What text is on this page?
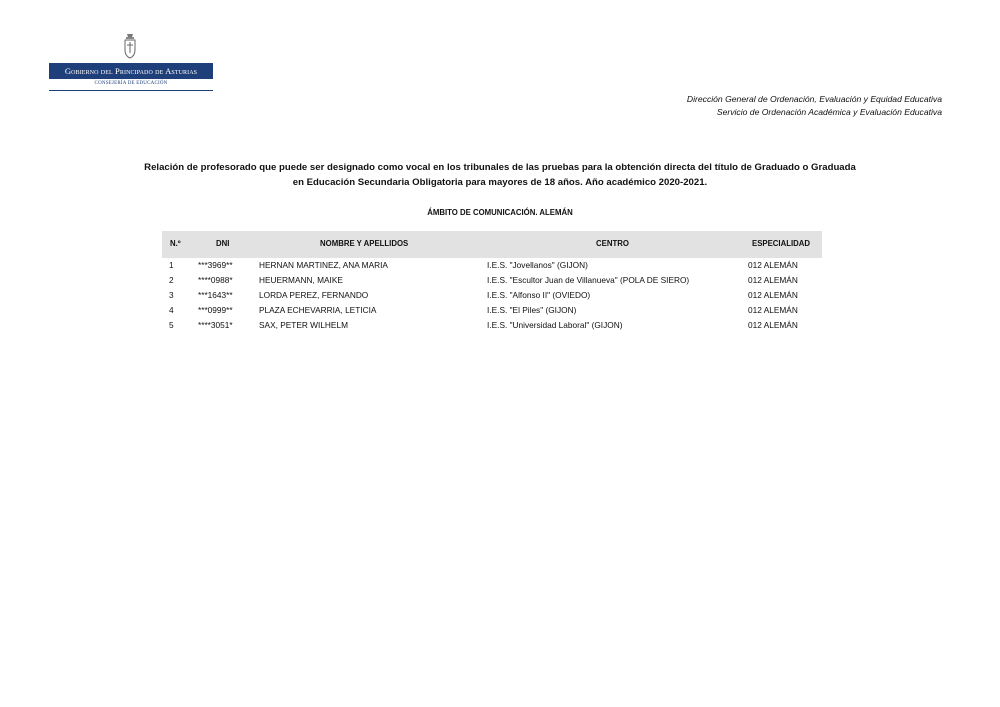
Gobierno del Principado de Asturias
CONSEJERÍA DE EDUCACIÓN
Dirección General de Ordenación, Evaluación y Equidad Educativa
Servicio de Ordenación Académica y Evaluación Educativa
Relación de profesorado que puede ser designado como vocal en los tribunales de las pruebas para la obtención directa del título de Graduado o Graduada
en Educación Secundaria Obligatoria para mayores de 18 años. Año académico 2020-2021.
ÁMBITO DE COMUNICACIÓN. ALEMÁN
N.º	DNI	NOMBRE Y APELLIDOS	CENTRO	ESPECIALIDAD
1	***3969**	HERNAN MARTINEZ, ANA MARIA	I.E.S. "Jovellanos" (GIJON)	012 ALEMÁN
2	****0988*	HEUERMANN, MAIKE	I.E.S. "Escultor Juan de Villanueva" (POLA DE SIERO)	012 ALEMÁN
3	***1643**	LORDA PEREZ, FERNANDO	I.E.S. "Alfonso II" (OVIEDO)	012 ALEMÁN
4	***0999**	PLAZA ECHEVARRIA, LETICIA	I.E.S. "El Piles" (GIJON)	012 ALEMÁN
5	****3051*	SAX, PETER WILHELM	I.E.S. "Universidad Laboral" (GIJON)	012 ALEMÁN
